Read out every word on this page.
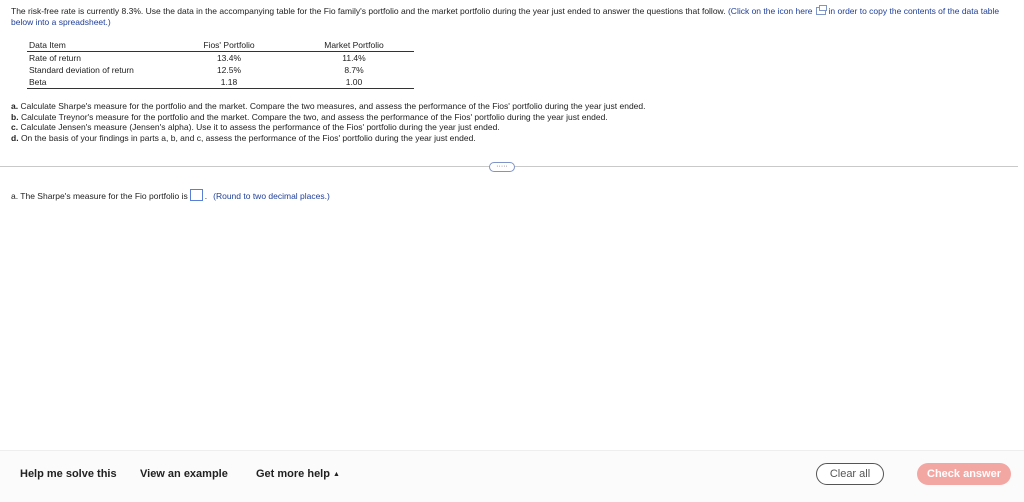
The risk-free rate is currently 8.3%. Use the data in the accompanying table for the Fio family's portfolio and the market portfolio during the year just ended to answer the questions that follow. (Click on the icon here in order to copy the contents of the data table below into a spreadsheet.)
Data Item	Fios' Portfolio	Market Portfolio
Rate of return	13.4%	11.4%
Standard deviation of return	12.5%	8.7%
Beta	1.18	1.00
a. Calculate Sharpe's measure for the portfolio and the market. Compare the two measures, and assess the performance of the Fios' portfolio during the year just ended.
b. Calculate Treynor's measure for the portfolio and the market. Compare the two, and assess the performance of the Fios' portfolio during the year just ended.
c. Calculate Jensen's measure (Jensen's alpha). Use it to assess the performance of the Fios' portfolio during the year just ended.
d. On the basis of your findings in parts a, b, and c, assess the performance of the Fios' portfolio during the year just ended.
·····
a. The Sharpe's measure for the Fio portfolio is . (Round to two decimal places.)
Help me solve this View an example	Get more help ▲	Clear all	Check answer
